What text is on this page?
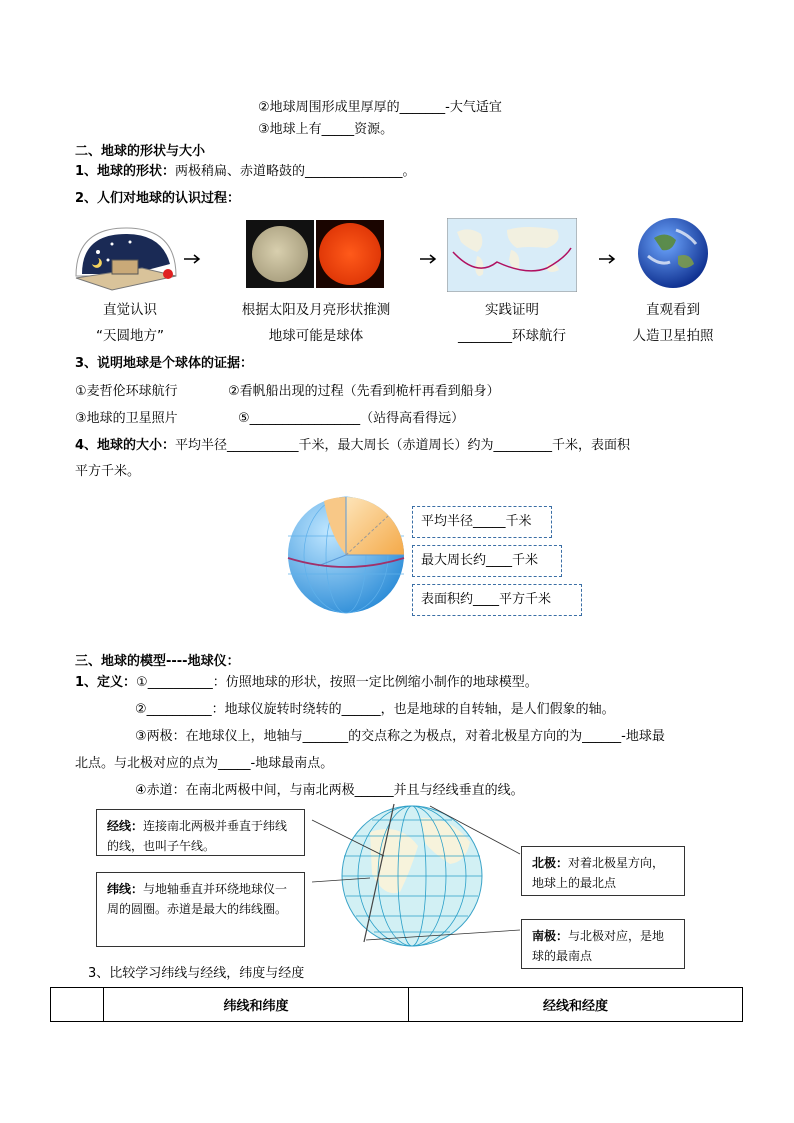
②地球周围形成里厚厚的_______-大气适宜
③地球上有_____资源。
二、地球的形状与大小
1、地球的形状：两极稍扁、赤道略鼓的_______________。
2、人们对地球的认识过程：
直觉认识
“天圆地方”
根据太阳及月亮形状推测
地球可能是球体
实践证明
________环球航行
直观看到
人造卫星拍照
3、说明地球是个球体的证据：
①麦哲伦环球航行	②看帆船出现的过程（先看到桅杆再看到船身）
③地球的卫星照片	⑤_________________（站得高看得远）
4、地球的大小：平均半径___________千米，最大周长（赤道周长）约为_________千米，表面积
平方千米。
平均半径_____千米
最大周长约____千米
表面积约____平方千米
三、地球的模型----地球仪：
1、定义：①__________：仿照地球的形状，按照一定比例缩小制作的地球模型。
②__________：地球仪旋转时绕转的______，也是地球的自转轴，是人们假象的轴。
③两极：在地球仪上，地轴与_______的交点称之为极点，对着北极星方向的为______-地球最
北点。与北极对应的点为_____-地球最南点。
④赤道：在南北两极中间，与南北两极______并且与经线垂直的线。
经线：连接南北两极并垂直于纬线的线，也叫子午线。
纬线：与地轴垂直并环绕地球仪一周的圆圈。赤道是最大的纬线圈。
北极：对着北极星方向，地球上的最北点
南极：与北极对应，是地球的最南点
3、比较学习纬线与经线，纬度与经度
	纬线和纬度	经线和经度
